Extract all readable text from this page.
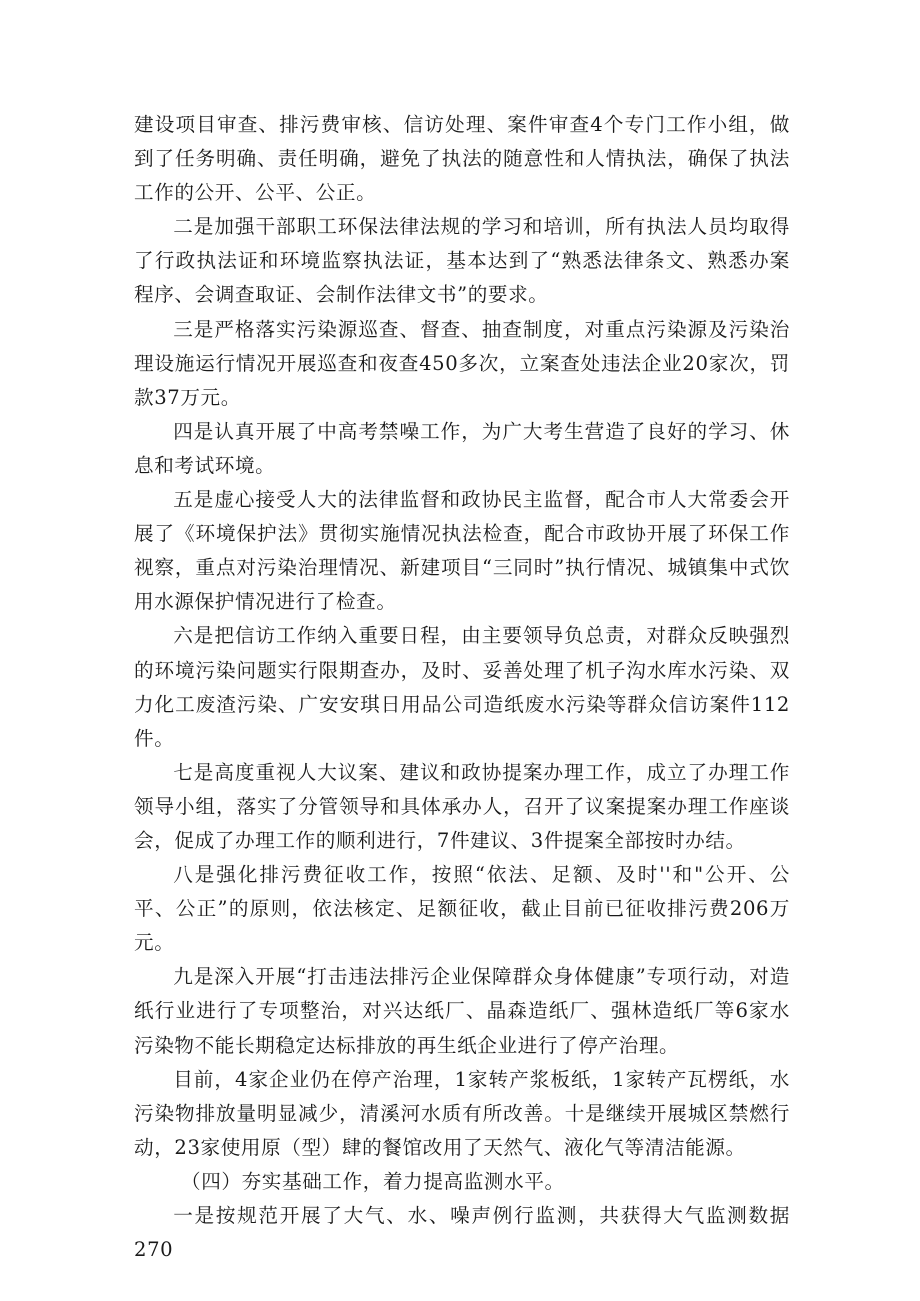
建设项目审查、排污费审核、信访处理、案件审查4个专门工作小组，做到了任务明确、责任明确，避免了执法的随意性和人情执法，确保了执法工作的公开、公平、公正。

二是加强干部职工环保法律法规的学习和培训，所有执法人员均取得了行政执法证和环境监察执法证，基本达到了“熟悉法律条文、熟悉办案程序、会调查取证、会制作法律文书”的要求。

三是严格落实污染源巡查、督查、抽查制度，对重点污染源及污染治理设施运行情况开展巡查和夜查450多次，立案查处违法企业20家次，罚款37万元。

四是认真开展了中高考禁噪工作，为广大考生营造了良好的学习、休息和考试环境。

五是虚心接受人大的法律监督和政协民主监督，配合市人大常委会开展了《环境保护法》贯彻实施情况执法检查，配合市政协开展了环保工作视察，重点对污染治理情况、新建项目“三同时”执行情况、城镇集中式饮用水源保护情况进行了检查。

六是把信访工作纳入重要日程，由主要领导负总责，对群众反映强烈的环境污染问题实行限期查办，及时、妥善处理了机子沟水库水污染、双力化工废渣污染、广安安琪日用品公司造纸废水污染等群众信访案件112件。

七是高度重视人大议案、建议和政协提案办理工作，成立了办理工作领导小组，落实了分管领导和具体承办人，召开了议案提案办理工作座谈会，促成了办理工作的顺利进行，7件建议、3件提案全部按时办结。

八是强化排污费征收工作，按照“依法、足额、及时''和"公开、公平、公正”的原则，依法核定、足额征收，截止目前已征收排污费206万元。

九是深入开展“打击违法排污企业保障群众身体健康”专项行动，对造纸行业进行了专项整治，对兴达纸厂、晶森造纸厂、强林造纸厂等6家水污染物不能长期稳定达标排放的再生纸企业进行了停产治理。

目前，4家企业仍在停产治理，1家转产浆板纸，1家转产瓦楞纸，水污染物排放量明显减少，清溪河水质有所改善。十是继续开展城区禁燃行动，23家使用原（型）肆的餐馆改用了天然气、液化气等清洁能源。

（四）夯实基础工作，着力提高监测水平。

一是按规范开展了大气、水、噪声例行监测，共获得大气监测数据270
